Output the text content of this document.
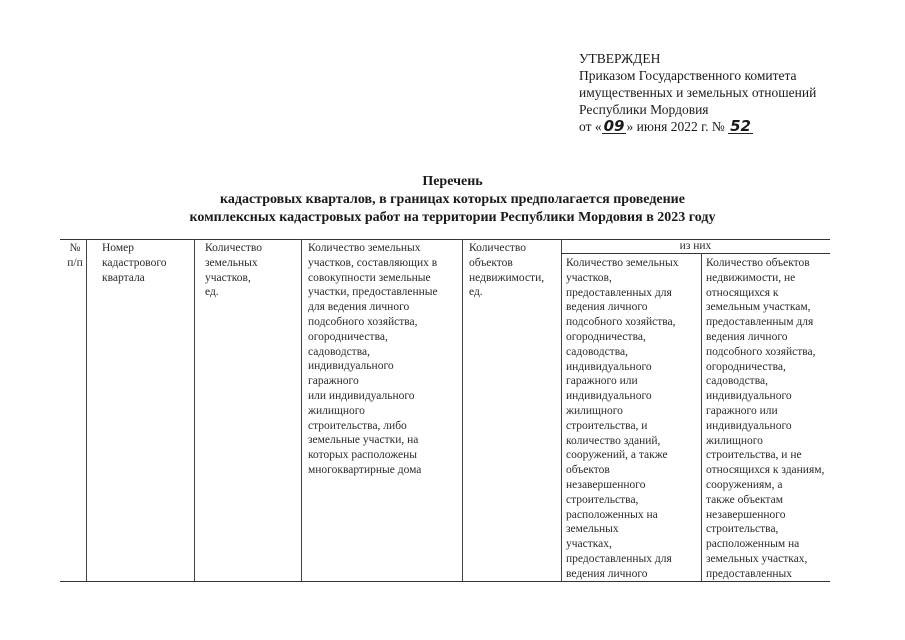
УТВЕРЖДЕН
Приказом Государственного комитета
имущественных и земельных отношений
Республики Мордовия
от « 09 » июня 2022 г. № 52
Перечень
кадастровых кварталов, в границах которых предполагается проведение
комплексных кадастровых работ на территории Республики Мордовия в 2023 году
№
п/п
Номер
кадастрового
квартала
Количество
земельных
участков,
ед.
Количество земельных
участков, составляющих в
совокупности земельные
участки, предоставленные
для ведения личного
подсобного хозяйства,
огородничества,
садоводства,
индивидуального
гаражного
или индивидуального
жилищного
строительства, либо
земельные участки, на
которых расположены
многоквартирные дома
Количество
объектов
недвижимости,
ед.
из них
Количество земельных
участков,
предоставленных для
ведения личного
подсобного хозяйства,
огородничества,
садоводства,
индивидуального
гаражного или
индивидуального
жилищного
строительства, и
количество зданий,
сооружений, а также
объектов
незавершенного
строительства,
расположенных на
земельных
участках,
предоставленных для
ведения личного
Количество объектов
недвижимости, не
относящихся к
земельным участкам,
предоставленным для
ведения личного
подсобного хозяйства,
огородничества,
садоводства,
индивидуального
гаражного или
индивидуального
жилищного
строительства, и не
относящихся к зданиям,
сооружениям, а
также объектам
незавершенного
строительства,
расположенным на
земельных участках,
предоставленных
